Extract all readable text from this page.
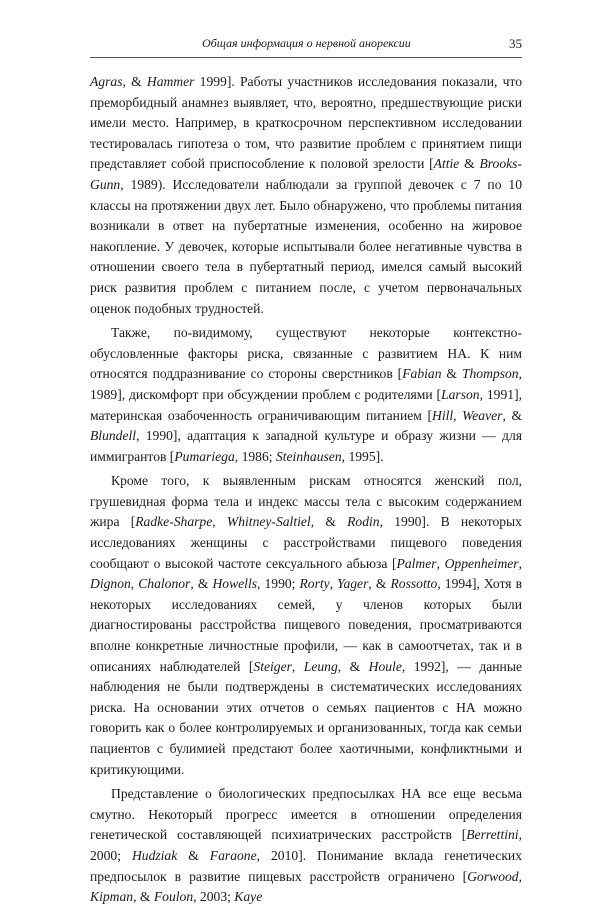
Общая информация о нервной анорексии	35

Agras, & Hammer 1999]. Работы участников исследования показали, что преморбидный анамнез выявляет, что, вероятно, предшествующие риски имели место. Например, в краткосрочном перспективном исследовании тестировалась гипотеза о том, что развитие проблем с принятием пищи представляет собой приспособление к половой зрелости [Attie & Brooks-Gunn, 1989). Исследователи наблюдали за группой девочек с 7 по 10 классы на протяжении двух лет. Было обнаружено, что проблемы питания возникали в ответ на пубертатные изменения, особенно на жировое накопление. У девочек, которые испытывали более негативные чувства в отношении своего тела в пубертатный период, имелся самый высокий риск развития проблем с питанием после, с учетом первоначальных оценок подобных трудностей.

Также, по-видимому, существуют некоторые контекстно-обусловленные факторы риска, связанные с развитием НА. К ним относятся поддразнивание со стороны сверстников [Fabian & Thompson, 1989], дискомфорт при обсуждении проблем с родителями [Larson, 1991], материнская озабоченность ограничивающим питанием [Hill, Weaver, & Blundell, 1990], адаптация к западной культуре и образу жизни — для иммигрантов [Pumariega, 1986; Steinhausen, 1995].

Кроме того, к выявленным рискам относятся женский пол, грушевидная форма тела и индекс массы тела с высоким содержанием жира [Radke-Sharpe, Whitney-Saltiel, & Rodin, 1990]. В некоторых исследованиях женщины с расстройствами пищевого поведения сообщают о высокой частоте сексуального абьюза [Palmer, Oppenheimer, Dignon, Chalonor, & Howells, 1990; Rorty, Yager, & Rossotto, 1994], Хотя в некоторых исследованиях семей, у членов которых были диагностированы расстройства пищевого поведения, просматриваются вполне конкретные личностные профили, — как в самоотчетах, так и в описаниях наблюдателей [Steiger, Leung, & Houle, 1992], — данные наблюдения не были подтверждены в систематических исследованиях риска. На основании этих отчетов о семьях пациентов с НА можно говорить как о более контролируемых и организованных, тогда как семьи пациентов с булимией предстают более хаотичными, конфликтными и критикующими.

Представление о биологических предпосылках НА все еще весьма смутно. Некоторый прогресс имеется в отношении определения генетической составляющей психиатрических расстройств [Berrettini, 2000; Hudziak & Faraone, 2010]. Понимание вклада генетических предпосылок в развитие пищевых расстройств ограничено [Gorwood, Kipman, & Foulon, 2003; Kaye
